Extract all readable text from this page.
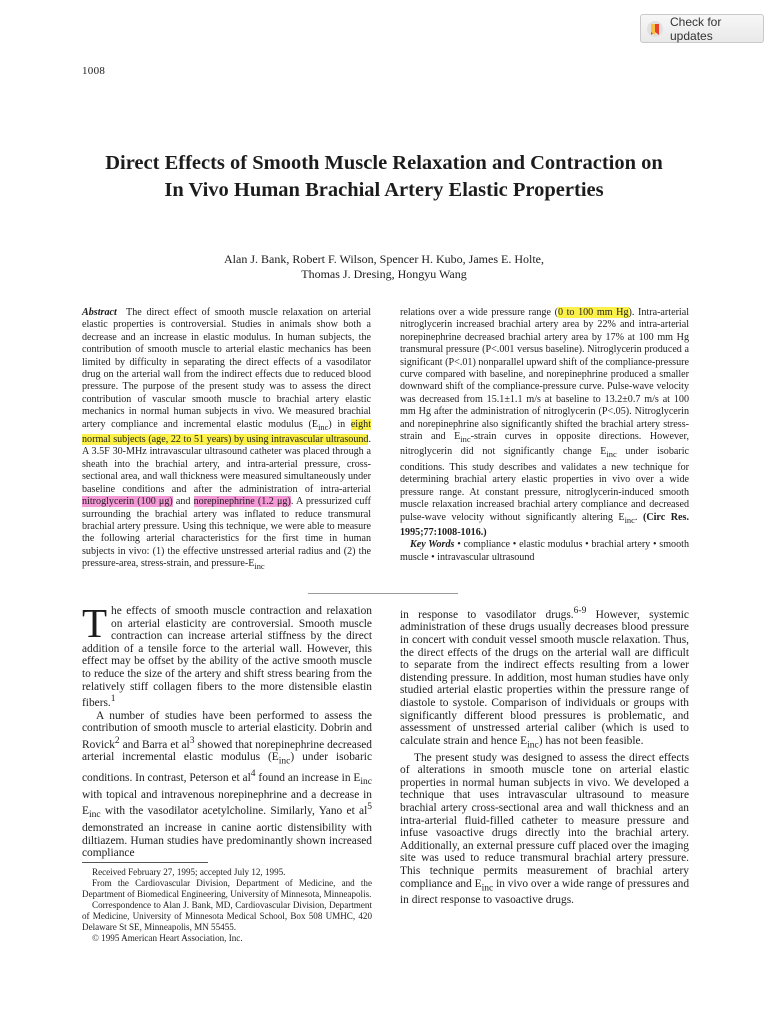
Check for updates
1008
Direct Effects of Smooth Muscle Relaxation and Contraction on In Vivo Human Brachial Artery Elastic Properties
Alan J. Bank, Robert F. Wilson, Spencer H. Kubo, James E. Holte,
Thomas J. Dresing, Hongyu Wang

Abstract The direct effect of smooth muscle relaxation on arterial elastic properties is controversial. Studies in animals show both a decrease and an increase in elastic modulus. In human subjects, the contribution of smooth muscle to arterial elastic mechanics has been limited by difficulty in separating the direct effects of a vasodilator drug on the arterial wall from the indirect effects due to reduced blood pressure. The purpose of the present study was to assess the direct contribution of vascular smooth muscle to brachial artery elastic mechanics in normal human subjects in vivo. We measured brachial artery compliance and incremental elastic modulus $(E_{inc})$ in eight normal subjects (age, 22 to 51 years) by using intravascular ultrasound. A 3.5F 30-MHz intravascular ultrasound catheter was placed through a sheath into the brachial artery, and intra-arterial pressure, cross-sectional area, and wall thickness were measured simultaneously under baseline conditions and after the administration of intra-arterial nitroglycerin (100 μg) and norepinephrine (1.2 μg). A pressurized cuff surrounding the brachial artery was inflated to reduce transmural brachial artery pressure. Using this technique, we were able to measure the following arterial characteristics for the first time in human subjects in vivo: (1) the effective unstressed arterial radius and (2) the pressure-area, stress-strain, and pressure-$E_{inc}$

relations over a wide pressure range (0 to 100 mm Hg). Intra-arterial nitroglycerin increased brachial artery area by 22% and intra-arterial norepinephrine decreased brachial artery area by 17% at 100 mm Hg transmural pressure (P<.001 versus baseline). Nitroglycerin produced a significant (P<.01) nonparallel upward shift of the compliance-pressure curve compared with baseline, and norepinephrine produced a smaller downward shift of the compliance-pressure curve. Pulse-wave velocity was decreased from 15.1±1.1 m/s at baseline to 13.2±0.7 m/s at 100 mm Hg after the administration of nitroglycerin (P<.05). Nitroglycerin and norepinephrine also significantly shifted the brachial artery stress-strain and $E_{inc}$-strain curves in opposite directions. However, nitroglycerin did not significantly change $E_{inc}$ under isobaric conditions. This study describes and validates a new technique for determining brachial artery elastic properties in vivo over a wide pressure range. At constant pressure, nitroglycerin-induced smooth muscle relaxation increased brachial artery compliance and decreased pulse-wave velocity without significantly altering $E_{inc}$. (Circ Res. 1995;77:1008-1016.)

Key Words • compliance • elastic modulus • brachial artery • smooth muscle • intravascular ultrasound

The effects of smooth muscle contraction and relaxation on arterial elasticity are controversial. Smooth muscle contraction can increase arterial stiffness by the direct addition of a tensile force to the arterial wall. However, this effect may be offset by the ability of the active smooth muscle to reduce the size of the artery and shift stress bearing from the relatively stiff collagen fibers to the more distensible elastin fibers.$^1$

A number of studies have been performed to assess the contribution of smooth muscle to arterial elasticity. Dobrin and Rovick$^2$ and Barra et $al^3$ showed that norepinephrine decreased arterial incremental elastic modulus $(E_{inc})$ under isobaric conditions. In contrast, Peterson et $al^4$ found an increase in $E_{inc}$ with topical and intravenous norepinephrine and a decrease in $E_{inc}$ with the vasodilator acetylcholine. Similarly, Yano et $al^5$ demonstrated an increase in canine aortic distensibility with diltiazem. Human studies have predominantly shown increased compliance

in response to vasodilator drugs.$^{6-9}$ However, systemic administration of these drugs usually decreases blood pressure in concert with conduit vessel smooth muscle relaxation. Thus, the direct effects of the drugs on the arterial wall are difficult to separate from the indirect effects resulting from a lower distending pressure. In addition, most human studies have only studied arterial elastic properties within the pressure range of diastole to systole. Comparison of individuals or groups with significantly different blood pressures is problematic, and assessment of unstressed arterial caliber (which is used to calculate strain and hence $E_{inc}$) has not been feasible.

The present study was designed to assess the direct effects of alterations in smooth muscle tone on arterial elastic properties in normal human subjects in vivo. We developed a technique that uses intravascular ultrasound to measure brachial artery cross-sectional area and wall thickness and an intra-arterial fluid-filled catheter to measure pressure and infuse vasoactive drugs directly into the brachial artery. Additionally, an external pressure cuff placed over the imaging site was used to reduce transmural brachial artery pressure. This technique permits measurement of brachial artery compliance and $E_{inc}$ in vivo over a wide range of pressures and in direct response to vasoactive drugs.

Received February 27, 1995; accepted July 12, 1995.

From the Cardiovascular Division, Department of Medicine, and the Department of Biomedical Engineering, University of Minnesota, Minneapolis.

Correspondence to Alan J. Bank, MD, Cardiovascular Division, Department of Medicine, University of Minnesota Medical School, Box 508 UMHC, 420 Delaware St SE, Minneapolis, MN 55455.

© 1995 American Heart Association, Inc.
